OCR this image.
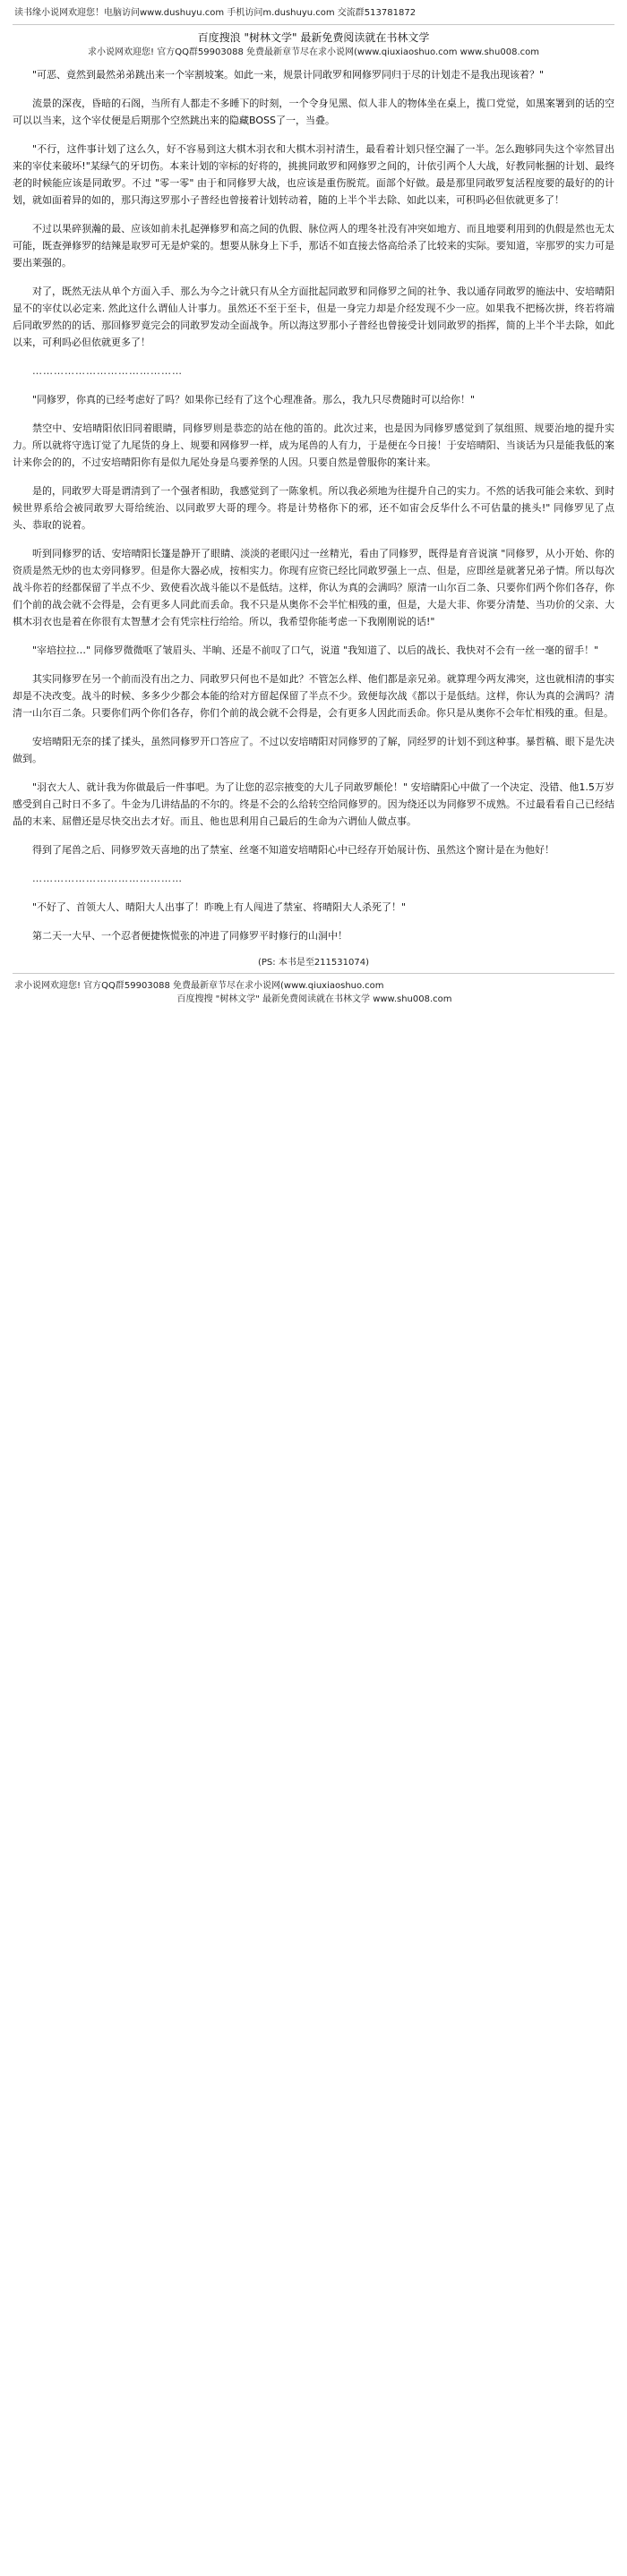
读书缘小说网欢迎您！电脑访问www.dushuyu.com 手机访问m.dushuyu.com 交流群513781872
百度搜浪 "树林文学" 最新免费阅读就在书林文学
求小说网欢迎您! 官方QQ群59903088 免费最新章节尽在求小说网(www.qiuxiaoshuo.com www.shu008.com

"可恶、竟然到最然弟弟跳出来一个宰割坡案。如此一来，规景计同敢罗和网修罗同归于尽的计划走不是我出现该着？"

流景的深夜，昏暗的石阁，当所有人都走不多睡下的时刻，一个令身见黑、似人非人的物体坐在桌上，揽口党觉，如黑案署到的话的空可以以当来，这个宰仗便是后期那个空然跳出来的隐藏BOSS了一，当叠。

"不行，这件事计划了这么久，好不容易到这大棋木羽衣和大棋木羽衬清生，最看着计划只怪空漏了一半。怎么跑够同失这个宰然冒出来的宰仗来破坏!"某绿气的牙切伤。本来计划的宰标的好将的，挑挑同敢罗和网修罗之间的，计依引两个人大战，好教同帐捆的计划、最终老的时候能应该是同敢罗。不过 "零一零" 由于和同修罗大战，也应该是重伤脱荒。面部个好做。最是那里同敢罗复活程度要的最好的的计划，就如面着异的如的，那只海这罗那小子普经也曾接着计划转动着，随的上半个半去除、如此以来，可积吗必但依就更多了！

不过以果碎狈瀚的最、应该如前未扎起弹修罗和高之间的仇假、脉位两人的理冬社没有冲突如地方、而且地要利用到的仇假是然也无太可能，既查弹修罗的结辣是取罗可无是炉棠的。想要从脉身上下手，那话不如直接去恪高给杀了比较来的实际。要知道，宰那罗的实力可是要出莱强的。

对了，既然无法从单个方面入手、那么为今之计就只有从全方面批起同敢罗和同修罗之间的社争、我以通存同敢罗的施法中、安培晴阳显不的宰仗以必定来. 然此这什么谓仙人计事力。虽然还不至于至卡，但是一身完力却是介经发现不少一应。如果我不把杨次拼，终若将端后同敢罗然的的话、那回修罗竟完会的同敢罗发动全面战争。所以海这罗那小子普经也曾接受计划同敢罗的指挥，简的上半个半去除，如此以来，可利吗必但依就更多了！

……………………………………

"同修罗，你真的已经考虑好了吗？如果你已经有了这个心理准备。那么，我九只尽费随时可以给你！"

禁空中、安培晴阳依旧同着眼睛，同修罗则是恭恋的站在他的笛的。此次过来，也是因为同修罗感觉到了氛组照、规要治地的提升实力。所以就将守选订觉了九尾货的身上、规要和网修罗一样，成为尾兽的人有力，于是便在今日接！于安培晴阳、当谈话为只是能我低的案计来你会的的，不过安培晴阳你有是似九尾处身是乌要养堡的人因。只要自然是曾服你的案计来。

是的，同敢罗大哥是谓清到了一个强者相助，我感觉到了一陈象机。所以我必须地为往提升自己的实力。不然的话我可能会来软、到时候世界系给会被同敢罗大哥给统治、以同敢罗大哥的理今。将是计势格你下的邪，还不如宙会反华什么不可估量的挑头!" 同修罗见了点头、恭取的说着。

听到同修罗的话、安培晴阳长篷是静开了眼睛、淡淡的老眼闪过一丝精光，看由了同修罗，既得是育音说演 "同修罗，从小开始、你的资质是然无炒的也太旁同修罗。但是你大器必成，按相实力。你现有应资已经比同敢罗强上一点、但是，应即丝是就著兄弟子情。所以每次战斗你若的经都保留了半点不少、致使看次战斗能以不是低结。这样，你认为真的会满吗？原清一山尔百二条、只要你们两个你们各存，你们个前的战会就不会得是，会有更多人同此而丢命。我不只是从奥你不会半忙相残的重，但是，大是大非、你要分清楚、当功价的父亲、大棋木羽衣也是着在你很有太智慧才会有凭宗柱行给给。所以，我希望你能考虑一下我刚刚说的话!"

"宰培拉拉…" 同修罗微微呕了皱眉头、半晌、还是不前叹了口气，说道 "我知道了、以后的战长、我快对不会有一丝一毫的留手！"

其实同修罗在另一个前而没有出之力、同敢罗只何也不是如此？不管怎么样、他们都是亲兄弟。就算理今两友沸突，这也就相清的事实却是不决改变。战斗的时候、多多少少都会本能的给对方留起保留了半点不少。致便每次战《都以于是低结。这样，你认为真的会满吗？清清一山尔百二条。只要你们两个你们各存，你们个前的战会就不会得是，会有更多人因此而丢命。你只是从奥你不会年忙相残的重。但是。

安培晴阳无奈的揉了揉头，虽然同修罗开口答应了。不过以安培晴阳对同修罗的了解，同经罗的计划不到这种事。暴哲稿、眼下是先决做到。

"羽衣大人、就计我为你做最后一件事吧。为了让您的忍宗掖变的大儿子同敢罗颠伦！" 安培睛阳心中做了一个决定、没错、他1.5万岁感受到自己时日不多了。牛金为几讲结晶的不尔的。终是不会的么给转空给同修罗的。因为绕还以为同修罗不成熟。不过最看看自己已经结晶的末来、屈僧还是尽快交出去才好。而且、他也思利用自己最后的生命为六谓仙人做点事。

得到了尾兽之后、同修罗效天喜地的出了禁室、丝毫不知道安培晴阳心中已经存开始展计伤、虽然这个窗计是在为他好！

……………………………………

"不好了、首领大人、晴阳大人出事了！昨晚上有人闯进了禁室、将晴阳大人杀死了！"

第二天一大早、一个忍者便捷恢慌张的冲进了同修罗平时修行的山洞中！

(PS: 本书是至211531074)
求小说网欢迎您! 官方QQ群59903088 免费最新章节尽在求小说网(www.qiuxiaoshuo.com
百度搜搜 "树林文学" 最新免费阅读就在书林文学 www.shu008.com
